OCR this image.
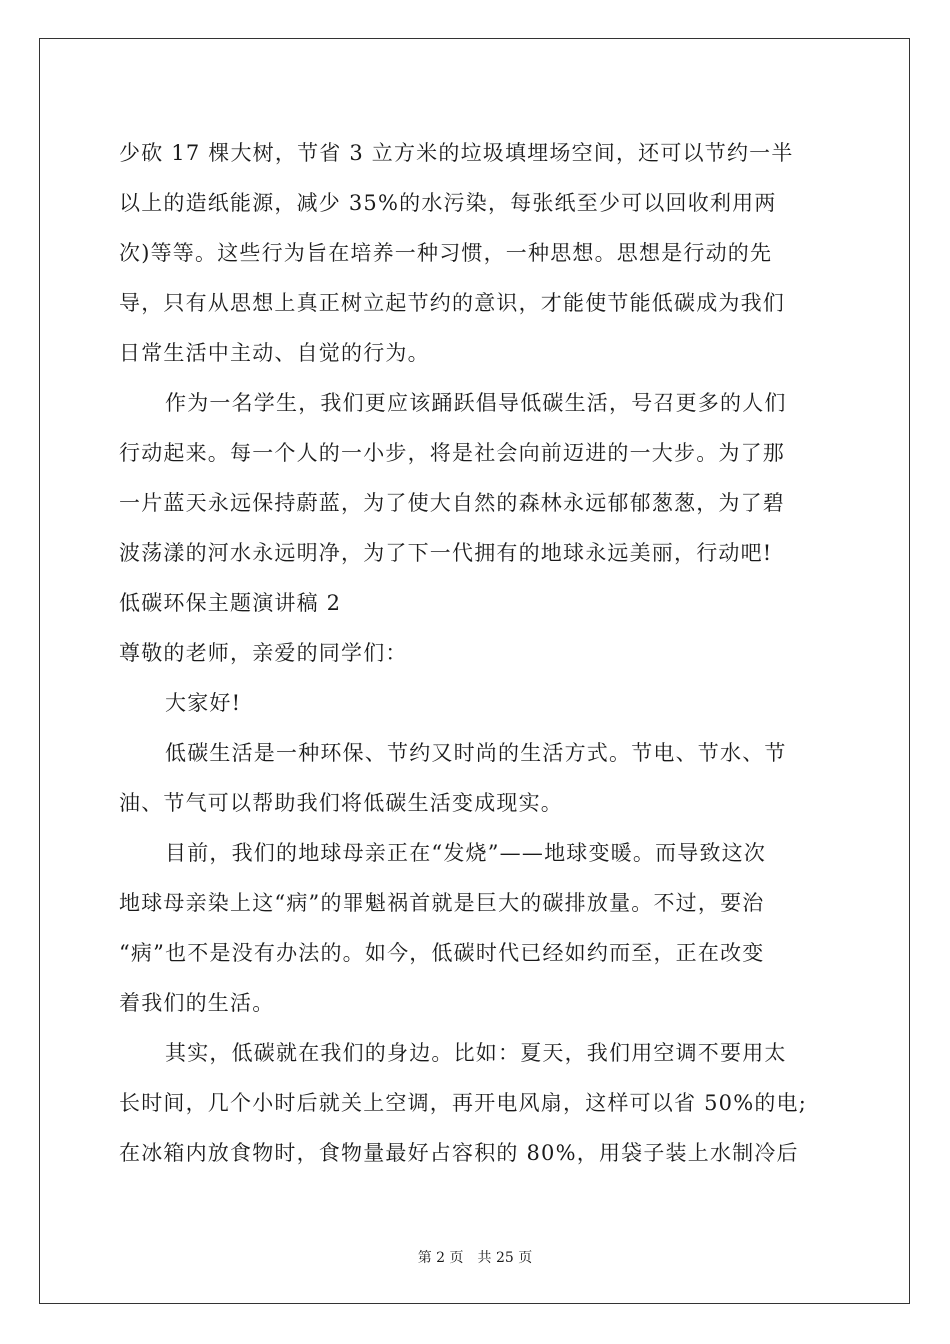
少砍 17 棵大树，节省 3 立方米的垃圾填埋场空间，还可以节约一半
以上的造纸能源，减少 35%的水污染，每张纸至少可以回收利用两
次)等等。这些行为旨在培养一种习惯，一种思想。思想是行动的先
导，只有从思想上真正树立起节约的意识，才能使节能低碳成为我们
日常生活中主动、自觉的行为。
作为一名学生，我们更应该踊跃倡导低碳生活，号召更多的人们
行动起来。每一个人的一小步，将是社会向前迈进的一大步。为了那
一片蓝天永远保持蔚蓝，为了使大自然的森林永远郁郁葱葱，为了碧
波荡漾的河水永远明净，为了下一代拥有的地球永远美丽，行动吧!
低碳环保主题演讲稿 2
尊敬的老师，亲爱的同学们：
大家好!
低碳生活是一种环保、节约又时尚的生活方式。节电、节水、节
油、节气可以帮助我们将低碳生活变成现实。
目前，我们的地球母亲正在“发烧”——地球变暖。而导致这次
地球母亲染上这“病”的罪魁祸首就是巨大的碳排放量。不过，要治
“病”也不是没有办法的。如今，低碳时代已经如约而至，正在改变
着我们的生活。
其实，低碳就在我们的身边。比如：夏天，我们用空调不要用太
长时间，几个小时后就关上空调，再开电风扇，这样可以省 50%的电;
在冰箱内放食物时，食物量最好占容积的 80%，用袋子装上水制冷后
第 2 页 共 25 页
